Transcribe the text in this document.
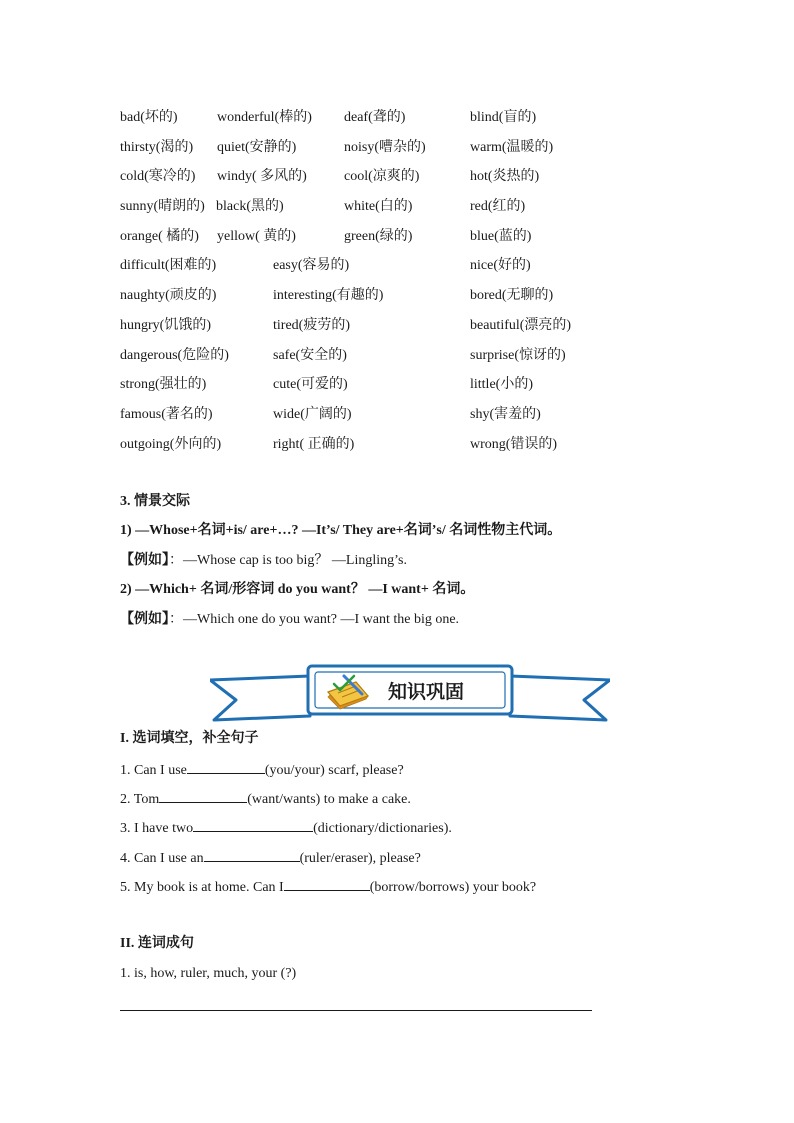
bad(坏的)	wonderful(棒的) deaf(聋的)	blind(盲的)
thirsty(渴的) quiet(安静的)	noisy(嘈杂的)	warm(温暖的)
cold(寒冷的) windy( 多风的)	cool(凉爽的)	hot(炎热的)
sunny(晴朗的) black(黑的)	white(白的)	red(红的)
orange( 橘的) yellow( 黄的)	green(绿的)	blue(蓝的)
difficult(困难的)	easy(容易的)	nice(好的)
naughty(顽皮的)	interesting(有趣的)	bored(无聊的)
hungry(饥饿的)	tired(疲劳的)	beautiful(漂亮的)
dangerous(危险的)	safe(安全的)	surprise(惊讶的)
strong(强壮的)	cute(可爱的)	little(小的)
famous(著名的)	wide(广阔的)	shy(害羞的)
outgoing(外向的)	right( 正确的)	wrong(错误的)
3. 情景交际
1) —Whose+名词+is/ are+…? —It’s/ They are+名词’s/ 名词性物主代词。
【例如】：—Whose cap is too big？ —Lingling’s.
2) —Which+ 名词/形容词 do you want？ —I want+ 名词。
【例如】：—Which one do you want? —I want the big one.
知识巩固
I. 选词填空，补全句子
1. Can I use	(you/your) scarf, please?
2. Tom	(want/wants) to make a cake.
3. I have two	(dictionary/dictionaries).
4. Can I use an	(ruler/eraser), please?
5. My book is at home. Can I	(borrow/borrows) your book?
II. 连词成句
1. is, how, ruler, much, your (?)
